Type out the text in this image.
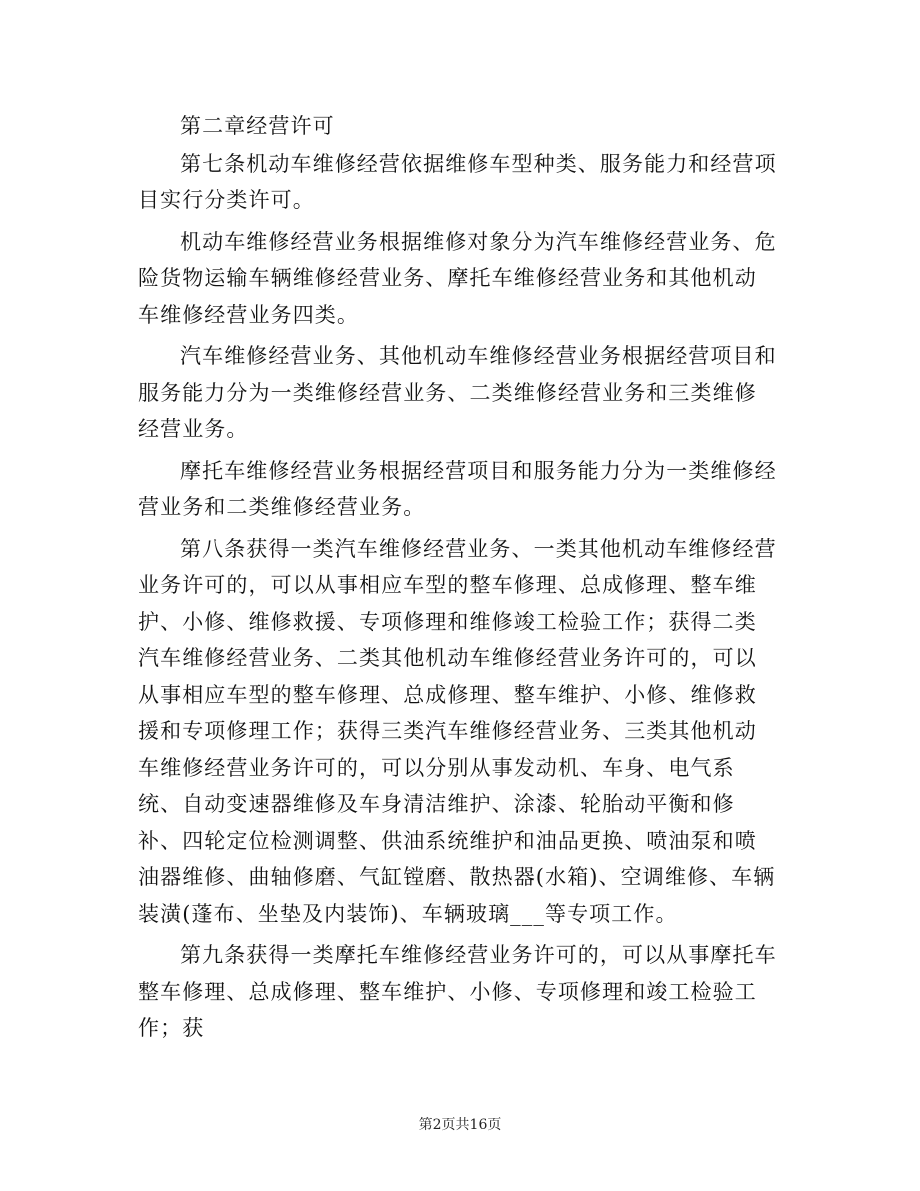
第二章经营许可

第七条机动车维修经营依据维修车型种类、服务能力和经营项目实行分类许可。

机动车维修经营业务根据维修对象分为汽车维修经营业务、危险货物运输车辆维修经营业务、摩托车维修经营业务和其他机动车维修经营业务四类。

汽车维修经营业务、其他机动车维修经营业务根据经营项目和服务能力分为一类维修经营业务、二类维修经营业务和三类维修经营业务。

摩托车维修经营业务根据经营项目和服务能力分为一类维修经营业务和二类维修经营业务。

第八条获得一类汽车维修经营业务、一类其他机动车维修经营业务许可的，可以从事相应车型的整车修理、总成修理、整车维护、小修、维修救援、专项修理和维修竣工检验工作；获得二类汽车维修经营业务、二类其他机动车维修经营业务许可的，可以从事相应车型的整车修理、总成修理、整车维护、小修、维修救援和专项修理工作；获得三类汽车维修经营业务、三类其他机动车维修经营业务许可的，可以分别从事发动机、车身、电气系统、自动变速器维修及车身清洁维护、涂漆、轮胎动平衡和修补、四轮定位检测调整、供油系统维护和油品更换、喷油泵和喷油器维修、曲轴修磨、气缸镗磨、散热器(水箱)、空调维修、车辆装潢(蓬布、坐垫及内装饰)、车辆玻璃___等专项工作。

第九条获得一类摩托车维修经营业务许可的，可以从事摩托车整车修理、总成修理、整车维护、小修、专项修理和竣工检验工作；获

第2页共16页
